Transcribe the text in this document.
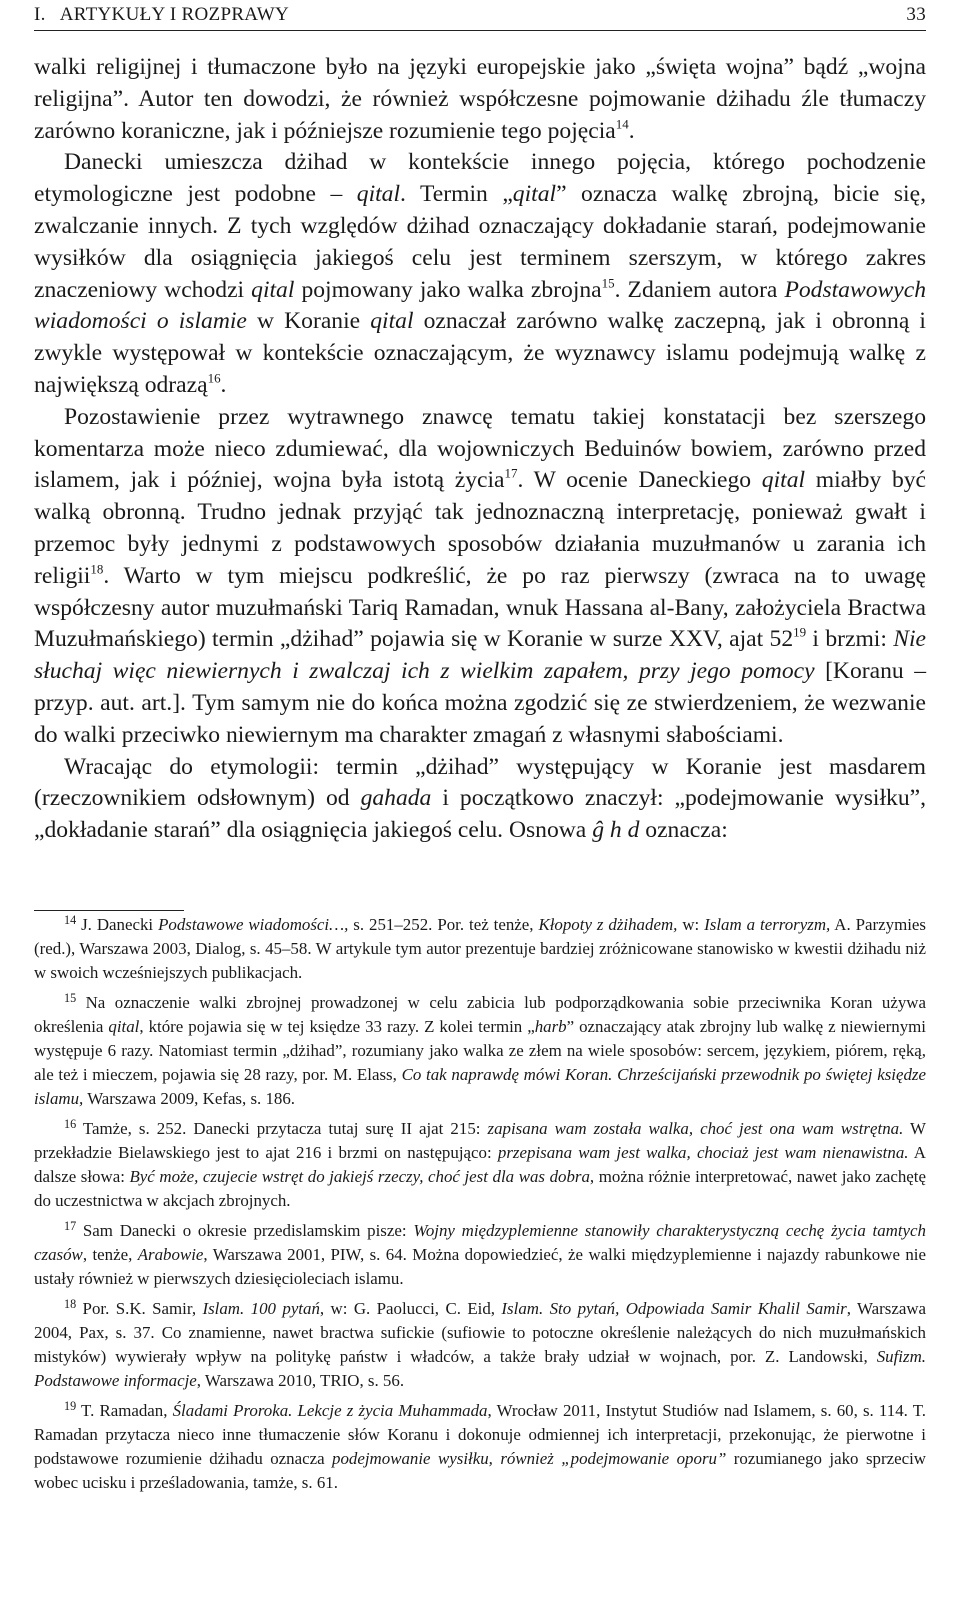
I.   ARTYKUŁY I ROZPRAWY	33

walki religijnej i tłumaczone było na języki europejskie jako „święta wojna” bądź „wojna religijna”. Autor ten dowodzi, że również współczesne pojmowanie dżihadu źle tłumaczy zarówno koraniczne, jak i późniejsze rozumienie tego pojęcia$^{14}$.

Danecki umieszcza dżihad w kontekście innego pojęcia, którego pochodzenie etymologiczne jest podobne – qital. Termin „qital” oznacza walkę zbrojną, bicie się, zwalczanie innych. Z tych względów dżihad oznaczający dokładanie starań, podejmowanie wysiłków dla osiągnięcia jakiegoś celu jest terminem szerszym, w którego zakres znaczeniowy wchodzi qital pojmowany jako walka zbrojna$^{15}$. Zdaniem autora Podstawowych wiadomości o islamie w Koranie qital oznaczał zarówno walkę zaczepną, jak i obronną i zwykle występował w kontekście oznaczającym, że wyznawcy islamu podejmują walkę z największą odrazą$^{16}$.

Pozostawienie przez wytrawnego znawcę tematu takiej konstatacji bez szerszego komentarza może nieco zdumiewać, dla wojowniczych Beduinów bowiem, zarówno przed islamem, jak i później, wojna była istotą życia$^{17}$. W ocenie Daneckiego qital miałby być walką obronną. Trudno jednak przyjąć tak jednoznaczną interpretację, ponieważ gwałt i przemoc były jednymi z podstawowych sposobów działania muzułmanów u zarania ich religii$^{18}$. Warto w tym miejscu podkreślić, że po raz pierwszy (zwraca na to uwagę współczesny autor muzułmański Tariq Ramadan, wnuk Hassana al-Bany, założyciela Bractwa Muzułmańskiego) termin „dżihad” pojawia się w Koranie w surze XXV, ajat $52^{19}$ i brzmi: Nie słuchaj więc niewiernych i zwalczaj ich z wielkim zapałem, przy jego pomocy [Koranu – przyp. aut. art.]. Tym samym nie do końca można zgodzić się ze stwierdzeniem, że wezwanie do walki przeciwko niewiernym ma charakter zmagań z własnymi słabościami.

Wracając do etymologii: termin „dżihad” występujący w Koranie jest masdarem (rzeczownikiem odsłownym) od gahada i początkowo znaczył: „podejmowanie wysiłku”, „dokładanie starań” dla osiągnięcia jakiegoś celu. Osnowa ĝ h d oznacza:

$^{14}$ J. Danecki Podstawowe wiadomości…, s. 251–252. Por. też tenże, Kłopoty z dżihadem, w: Islam a terroryzm, A. Parzymies (red.), Warszawa 2003, Dialog, s. 45–58. W artykule tym autor prezentuje bardziej zróżnicowane stanowisko w kwestii dżihadu niż w swoich wcześniejszych publikacjach.

$^{15}$ Na oznaczenie walki zbrojnej prowadzonej w celu zabicia lub podporządkowania sobie przeciwnika Koran używa określenia qital, które pojawia się w tej księdze 33 razy. Z kolei termin „harb” oznaczający atak zbrojny lub walkę z niewiernymi występuje 6 razy. Natomiast termin „dżihad”, rozumiany jako walka ze złem na wiele sposobów: sercem, językiem, piórem, ręką, ale też i mieczem, pojawia się 28 razy, por. M. Elass, Co tak naprawdę mówi Koran. Chrześcijański przewodnik po świętej księdze islamu, Warszawa 2009, Kefas, s. 186.

$^{16}$ Tamże, s. 252. Danecki przytacza tutaj surę II ajat 215: zapisana wam została walka, choć jest ona wam wstrętna. W przekładzie Bielawskiego jest to ajat 216 i brzmi on następująco: przepisana wam jest walka, chociaż jest wam nienawistna. A dalsze słowa: Być może, czujecie wstręt do jakiejś rzeczy, choć jest dla was dobra, można różnie interpretować, nawet jako zachętę do uczestnictwa w akcjach zbrojnych.

$^{17}$ Sam Danecki o okresie przedislamskim pisze: Wojny międzyplemienne stanowiły charakterystyczną cechę życia tamtych czasów, tenże, Arabowie, Warszawa 2001, PIW, s. 64. Można dopowiedzieć, że walki międzyplemienne i najazdy rabunkowe nie ustały również w pierwszych dziesięcioleciach islamu.

$^{18}$ Por. S.K. Samir, Islam. 100 pytań, w: G. Paolucci, C. Eid, Islam. Sto pytań, Odpowiada Samir Khalil Samir, Warszawa 2004, Pax, s. 37. Co znamienne, nawet bractwa sufickie (sufiowie to potoczne określenie należących do nich muzułmańskich mistyków) wywierały wpływ na politykę państw i władców, a także brały udział w wojnach, por. Z. Landowski, Sufizm. Podstawowe informacje, Warszawa 2010, TRIO, s. 56.

$^{19}$ T. Ramadan, Śladami Proroka. Lekcje z życia Muhammada, Wrocław 2011, Instytut Studiów nad Islamem, s. 60, s. 114. T. Ramadan przytacza nieco inne tłumaczenie słów Koranu i dokonuje odmiennej ich interpretacji, przekonując, że pierwotne i podstawowe rozumienie dżihadu oznacza podejmowanie wysiłku, również „podejmowanie oporu” rozumianego jako sprzeciw wobec ucisku i prześladowania, tamże, s. 61.
